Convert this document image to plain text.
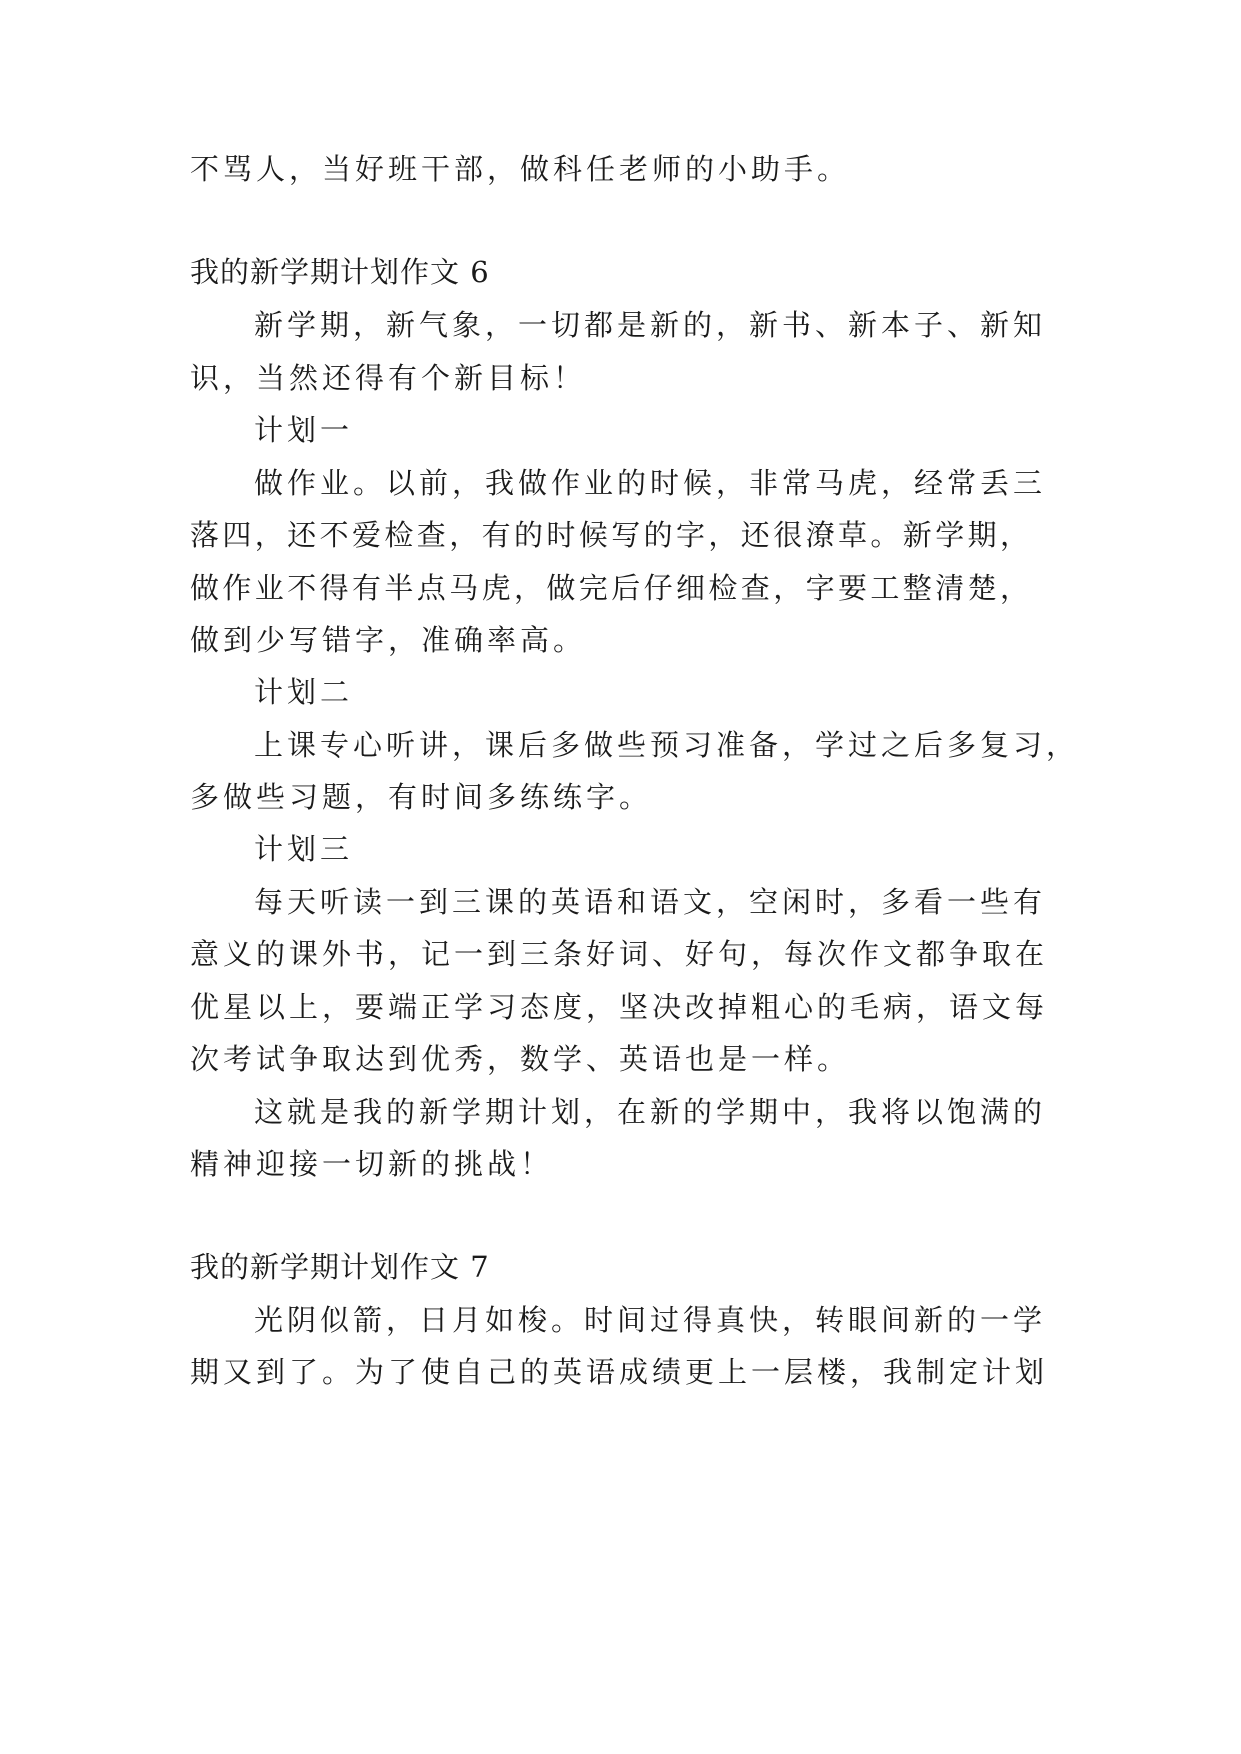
不骂人，当好班干部，做科任老师的小助手。
我的新学期计划作文 6
新学期，新气象，一切都是新的，新书、新本子、新知
识，当然还得有个新目标！
计划一
做作业。以前，我做作业的时候，非常马虎，经常丢三
落四，还不爱检查，有的时候写的字，还很潦草。新学期，
做作业不得有半点马虎，做完后仔细检查，字要工整清楚，
做到少写错字，准确率高。
计划二
上课专心听讲，课后多做些预习准备，学过之后多复习，
多做些习题，有时间多练练字。
计划三
每天听读一到三课的英语和语文，空闲时，多看一些有
意义的课外书，记一到三条好词、好句，每次作文都争取在
优星以上，要端正学习态度，坚决改掉粗心的毛病，语文每
次考试争取达到优秀，数学、英语也是一样。
这就是我的新学期计划，在新的学期中，我将以饱满的
精神迎接一切新的挑战！
我的新学期计划作文 7
光阴似箭，日月如梭。时间过得真快，转眼间新的一学
期又到了。为了使自己的英语成绩更上一层楼，我制定计划
